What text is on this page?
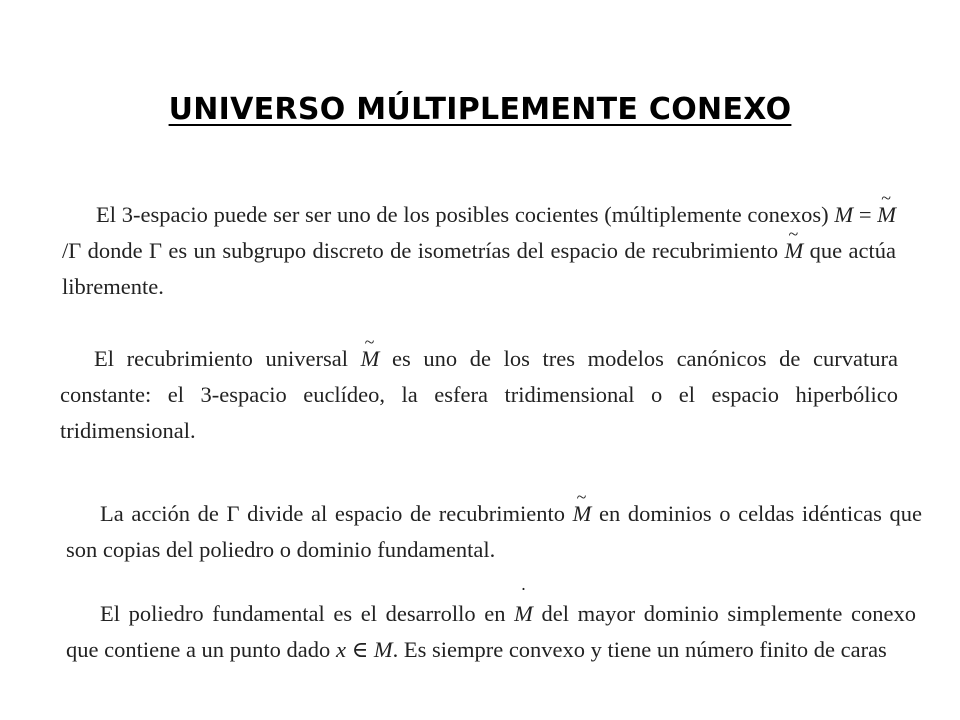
UNIVERSO MÚLTIPLEMENTE CONEXO

El 3-espacio puede ser ser uno de los posibles cocientes (múltiplemente conexos) M = ~ M/Γ donde Γ es un subgrupo discreto de isometrías del espacio de recubrimiento ~ M que actúa libremente.

El recubrimiento universal ~ M es uno de los tres modelos canónicos de curvatura constante: el 3-espacio euclídeo, la esfera tridimensional o el espacio hiperbólico tridimensional.

La acción de Γ divide al espacio de recubrimiento ~ M en dominios o celdas idénticas que son copias del poliedro o dominio fundamental.

El poliedro fundamental es el desarrollo en ˙ M del mayor dominio simplemente conexo que contiene a un punto dado x ∈ M. Es siempre convexo y tiene un número finito de caras
